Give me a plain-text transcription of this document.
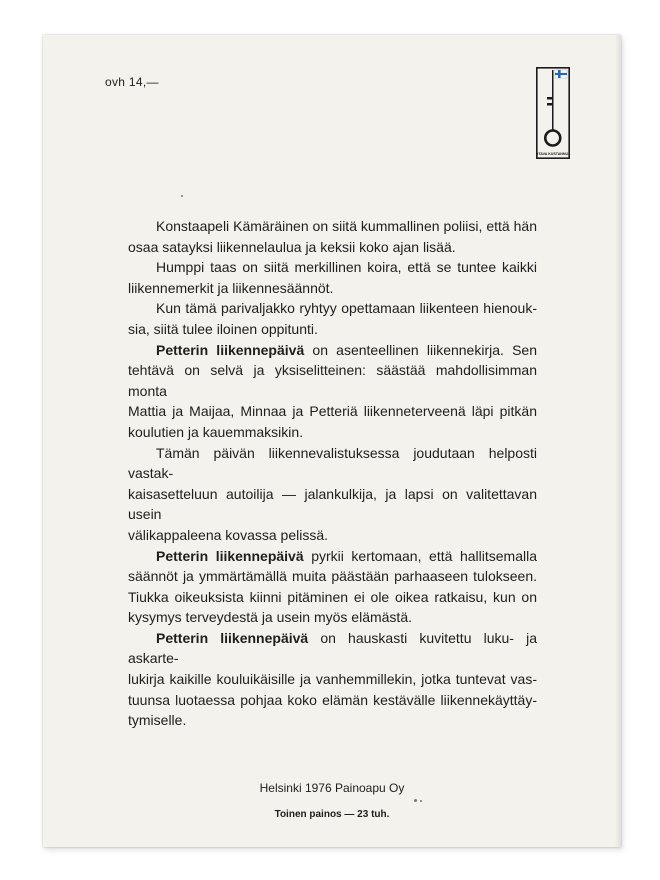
ovh 14,—
OTAVA KUSTANNUS

Konstaapeli Kämäräinen on siitä kummallinen poliisi, että hän
osaa satayksi liikennelaulua ja keksii koko ajan lisää.

Humppi taas on siitä merkillinen koira, että se tuntee kaikki
liikennemerkit ja liikennesäännöt.

Kun tämä parivaljakko ryhtyy opettamaan liikenteen hienouk-
sia, siitä tulee iloinen oppitunti.

Petterin liikennepäivä on asenteellinen liikennekirja. Sen
tehtävä on selvä ja yksiselitteinen: säästää mahdollisimman monta
Mattia ja Maijaa, Minnaa ja Petteriä liikenneterveenä läpi pitkän
koulutien ja kauemmaksikin.

Tämän päivän liikennevalistuksessa joudutaan helposti vastak-
kaisasetteluun autoilija — jalankulkija, ja lapsi on valitettavan usein
välikappaleena kovassa pelissä.

Petterin liikennepäivä pyrkii kertomaan, että hallitsemalla
säännöt ja ymmärtämällä muita päästään parhaaseen tulokseen.
Tiukka oikeuksista kiinni pitäminen ei ole oikea ratkaisu, kun on
kysymys terveydestä ja usein myös elämästä.

Petterin liikennepäivä on hauskasti kuvitettu luku- ja askarte-
lukirja kaikille kouluikäisille ja vanhemmillekin, jotka tuntevat vas-
tuunsa luotaessa pohjaa koko elämän kestävälle liikennekäyttäy-
tymiselle.

Helsinki 1976 Painoapu Oy
Toinen painos — 23 tuh.
